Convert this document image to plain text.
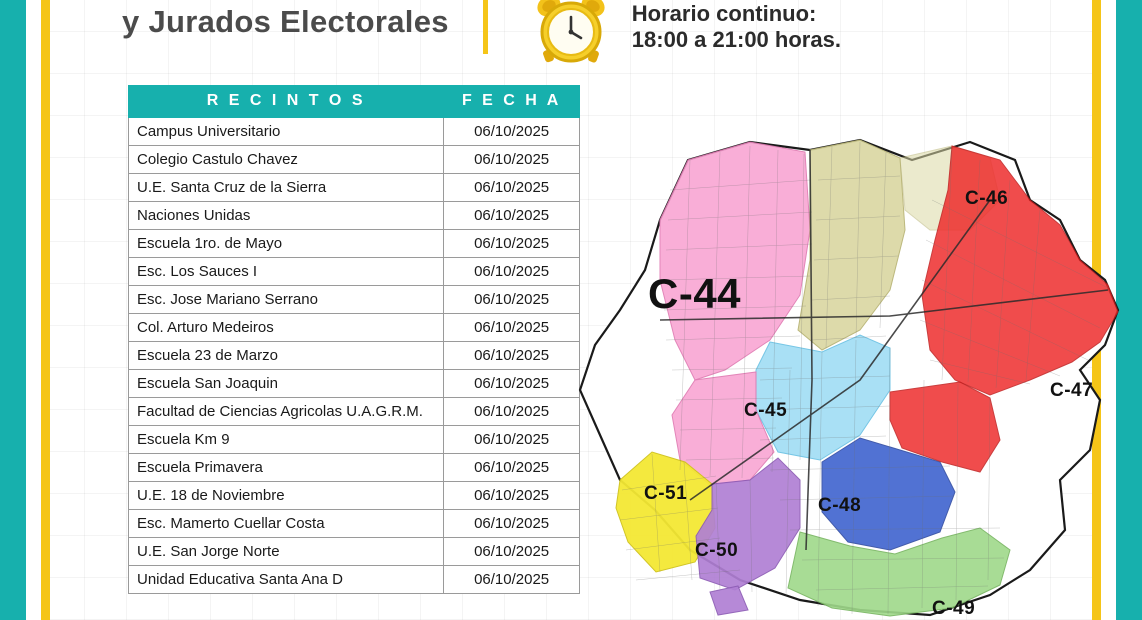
y Jurados Electorales	Horario continuo:
18:00 a 21:00 horas.
R E C I N T O S	F E C H A
Campus Universitario	06/10/2025
Colegio Castulo Chavez	06/10/2025
U.E. Santa Cruz de la Sierra	06/10/2025
Naciones Unidas	06/10/2025
Escuela 1ro. de Mayo	06/10/2025
Esc. Los Sauces I	06/10/2025
Esc. Jose Mariano Serrano	06/10/2025
Col. Arturo Medeiros	06/10/2025
Escuela 23 de Marzo	06/10/2025
Escuela San Joaquin	06/10/2025
Facultad de Ciencias Agricolas U.A.G.R.M.	06/10/2025
Escuela Km 9	06/10/2025
Escuela Primavera	06/10/2025
U.E. 18 de Noviembre	06/10/2025
Esc. Mamerto Cuellar Costa	06/10/2025
U.E. San Jorge Norte	06/10/2025
Unidad Educativa Santa Ana D	06/10/2025
C-44
C-45
C-46
C-47
C-48
C-49
C-50
C-51
